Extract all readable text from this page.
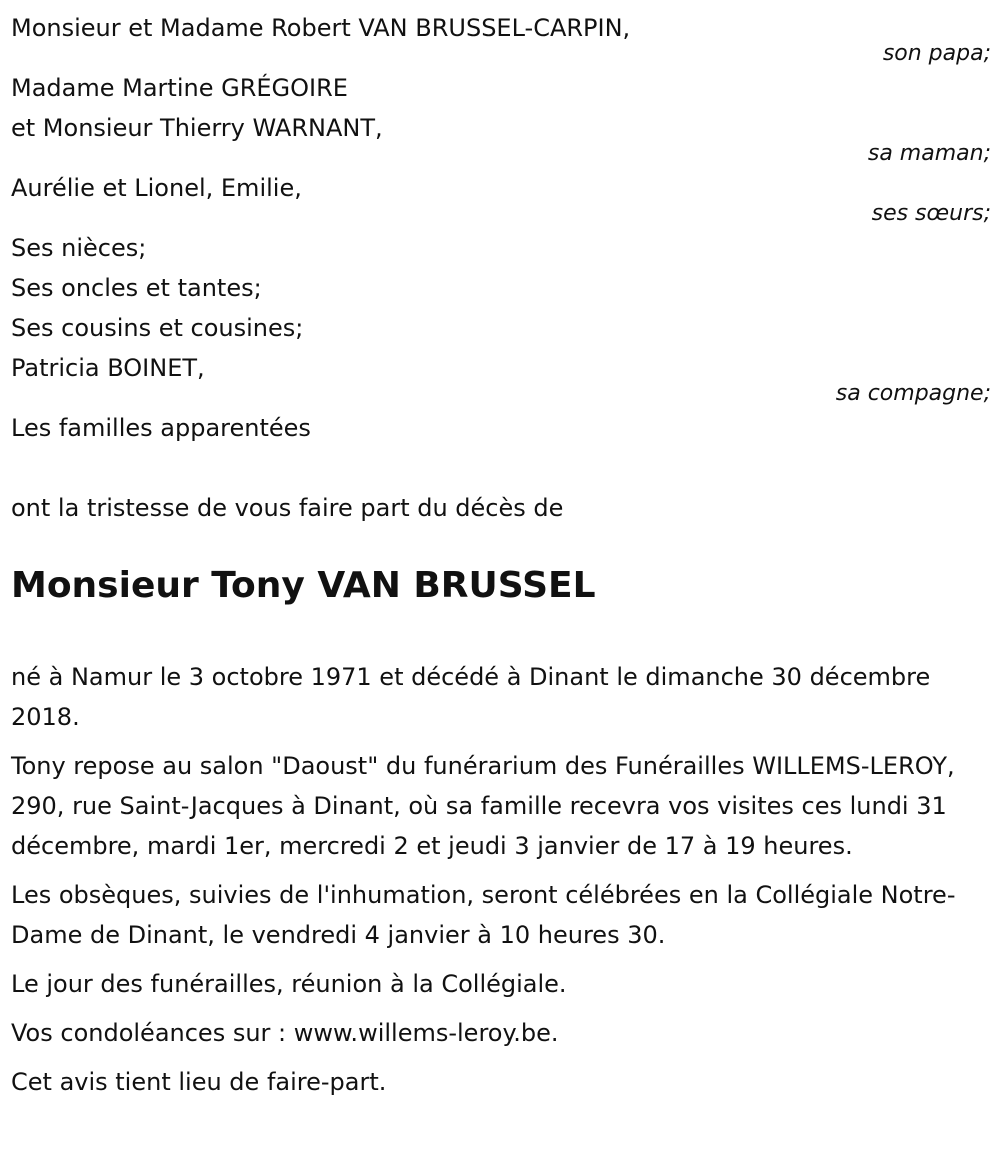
Monsieur et Madame Robert VAN BRUSSEL-CARPIN,
son papa;
Madame Martine GRÉGOIRE
et Monsieur Thierry WARNANT,
sa maman;
Aurélie et Lionel, Emilie,
ses sœurs;
Ses nièces;
Ses oncles et tantes;
Ses cousins et cousines;
Patricia BOINET,
sa compagne;
Les familles apparentées
ont la tristesse de vous faire part du décès de
Monsieur Tony VAN BRUSSEL
né à Namur le 3 octobre 1971 et décédé à Dinant le dimanche 30 décembre 2018.
Tony repose au salon "Daoust" du funérarium des Funérailles WILLEMS-LEROY, 290, rue Saint-Jacques à Dinant, où sa famille recevra vos visites ces lundi 31 décembre, mardi 1er, mercredi 2 et jeudi 3 janvier de 17 à 19 heures.
Les obsèques, suivies de l'inhumation, seront célébrées en la Collégiale Notre-Dame de Dinant, le vendredi 4 janvier à 10 heures 30.
Le jour des funérailles, réunion à la Collégiale.
Vos condoléances sur : www.willems-leroy.be.
Cet avis tient lieu de faire-part.
